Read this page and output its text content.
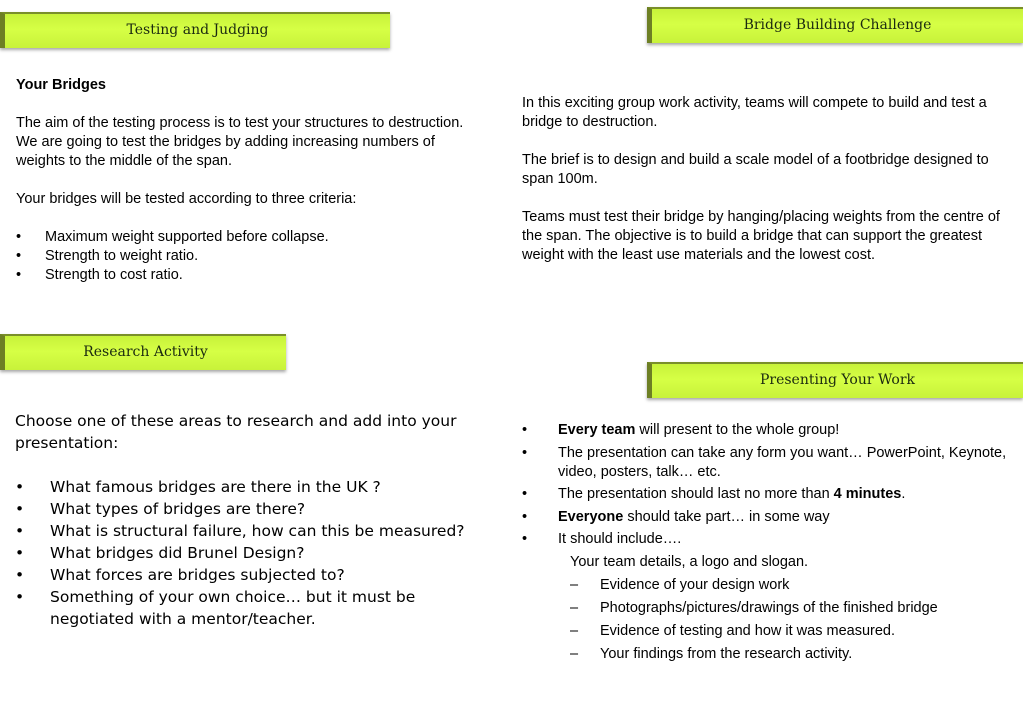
Testing and Judging	Bridge Building Challenge
Research Activity
Presenting Your Work

Your Bridges

The aim of the testing process is to test your structures to destruction. We are going to test the bridges by adding increasing numbers of weights to the middle of the span.

Your bridges will be tested according to three criteria:

• Maximum weight supported before collapse.
• Strength to weight ratio.
• Strength to cost ratio.

In this exciting group work activity, teams will compete to build and test a bridge to destruction.

The brief is to design and build a scale model of a footbridge designed to span 100m.

Teams must test their bridge by hanging/placing weights from the centre of the span. The objective is to build a bridge that can support the greatest weight with the least use materials and the lowest cost.

Choose one of these areas to research and add into your presentation:

• What famous bridges are there in the UK ?
• What types of bridges are there?
• What is structural failure, how can this be measured?
• What bridges did Brunel Design?
• What forces are bridges subjected to?
• Something of your own choice… but it must be negotiated with a mentor/teacher.
• Every team will present to the whole group!
• The presentation can take any form you want… PowerPoint, Keynote, video, posters, talk… etc.
• The presentation should last no more than 4 minutes.
• Everyone should take part… in some way
• It should include….
Your team details, a logo and slogan.
– Evidence of your design work
– Photographs/pictures/drawings of the finished bridge
– Evidence of testing and how it was measured.
– Your findings from the research activity.
